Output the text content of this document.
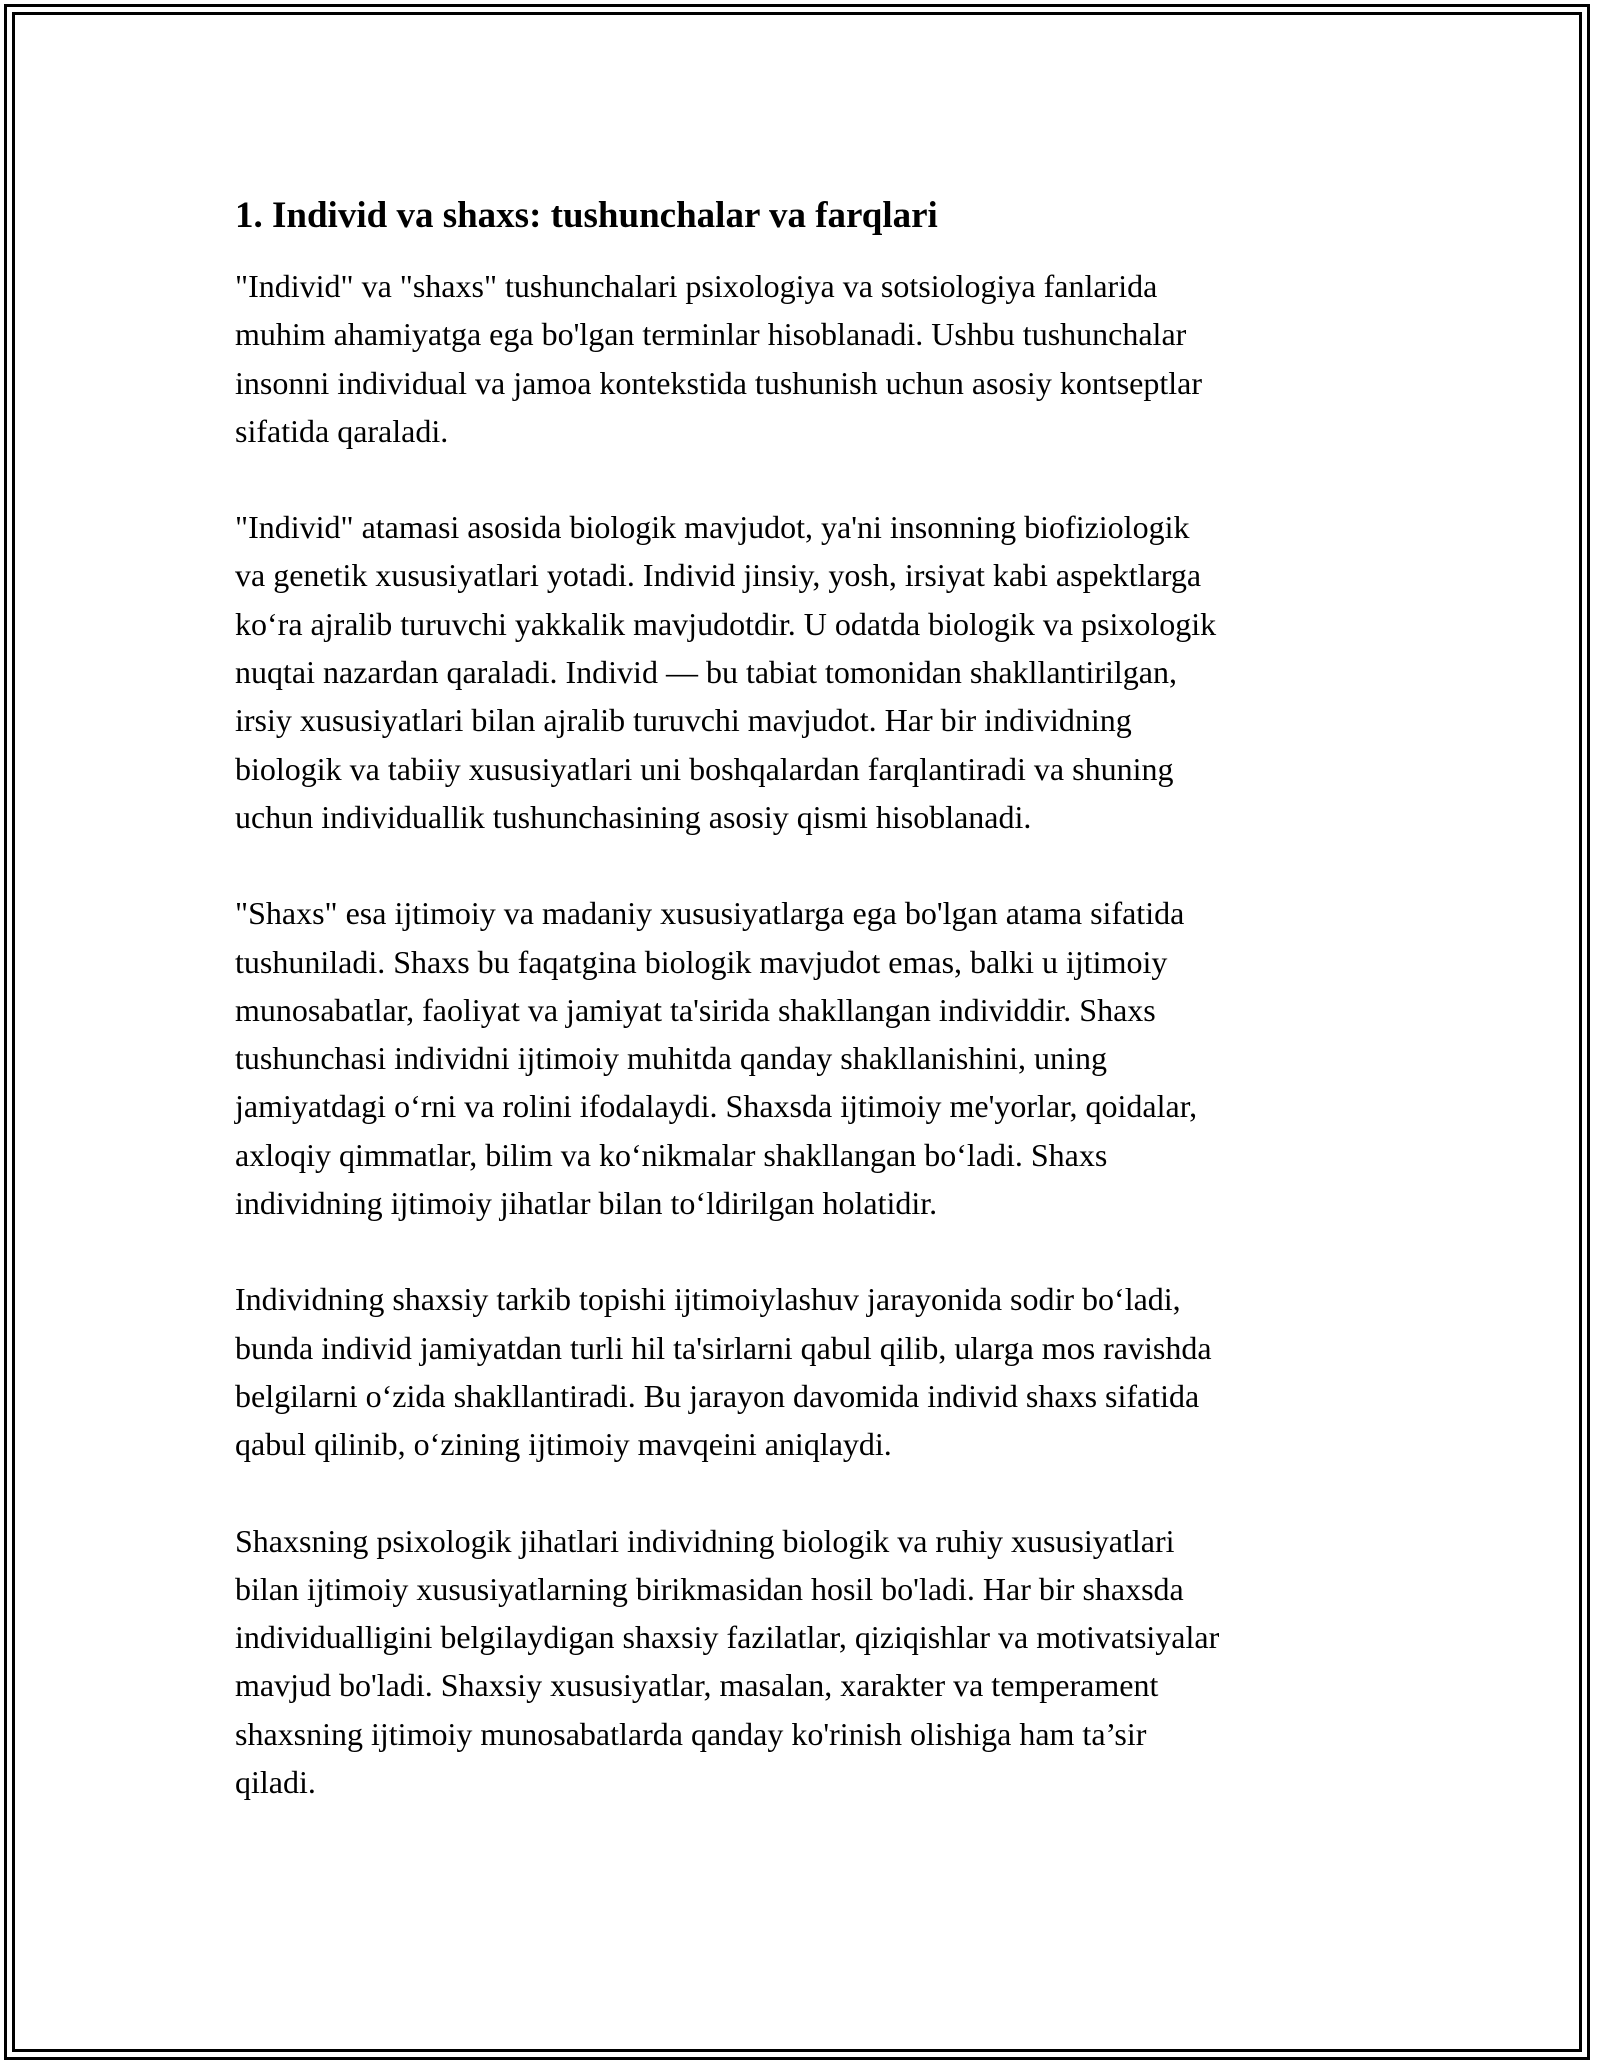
1. Individ va shaxs: tushunchalar va farqlari

"Individ" va "shaxs" tushunchalari psixologiya va sotsiologiya fanlarida
muhim ahamiyatga ega bo'lgan terminlar hisoblanadi. Ushbu tushunchalar
insonni individual va jamoa kontekstida tushunish uchun asosiy kontseptlar
sifatida qaraladi.

"Individ" atamasi asosida biologik mavjudot, ya'ni insonning biofiziologik
va genetik xususiyatlari yotadi. Individ jinsiy, yosh, irsiyat kabi aspektlarga
ko‘ra ajralib turuvchi yakkalik mavjudotdir. U odatda biologik va psixologik
nuqtai nazardan qaraladi. Individ — bu tabiat tomonidan shakllantirilgan,
irsiy xususiyatlari bilan ajralib turuvchi mavjudot. Har bir individning
biologik va tabiiy xususiyatlari uni boshqalardan farqlantiradi va shuning
uchun individuallik tushunchasining asosiy qismi hisoblanadi.

"Shaxs" esa ijtimoiy va madaniy xususiyatlarga ega bo'lgan atama sifatida
tushuniladi. Shaxs bu faqatgina biologik mavjudot emas, balki u ijtimoiy
munosabatlar, faoliyat va jamiyat ta'sirida shakllangan individdir. Shaxs
tushunchasi individni ijtimoiy muhitda qanday shakllanishini, uning
jamiyatdagi o‘rni va rolini ifodalaydi. Shaxsda ijtimoiy me'yorlar, qoidalar,
axloqiy qimmatlar, bilim va ko‘nikmalar shakllangan bo‘ladi. Shaxs
individning ijtimoiy jihatlar bilan to‘ldirilgan holatidir.

Individning shaxsiy tarkib topishi ijtimoiylashuv jarayonida sodir bo‘ladi,
bunda individ jamiyatdan turli hil ta'sirlarni qabul qilib, ularga mos ravishda
belgilarni o‘zida shakllantiradi. Bu jarayon davomida individ shaxs sifatida
qabul qilinib, o‘zining ijtimoiy mavqeini aniqlaydi.

Shaxsning psixologik jihatlari individning biologik va ruhiy xususiyatlari
bilan ijtimoiy xususiyatlarning birikmasidan hosil bo'ladi. Har bir shaxsda
individualligini belgilaydigan shaxsiy fazilatlar, qiziqishlar va motivatsiyalar
mavjud bo'ladi. Shaxsiy xususiyatlar, masalan, xarakter va temperament
shaxsning ijtimoiy munosabatlarda qanday ko'rinish olishiga ham ta’sir
qiladi.
